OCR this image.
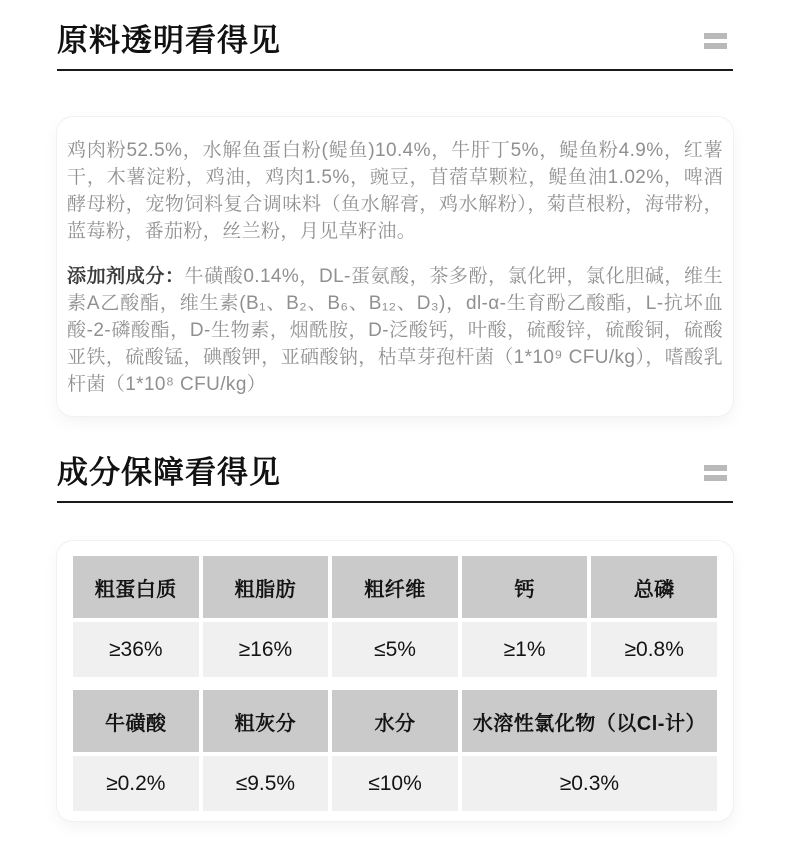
原料透明看得见

鸡肉粉52.5%，水解鱼蛋白粉(鳀鱼)10.4%，牛肝丁5%，鳀鱼粉4.9%，红薯干，木薯淀粉，鸡油，鸡肉1.5%，豌豆，苜蓿草颗粒，鳀鱼油1.02%，啤酒酵母粉，宠物饲料复合调味料（鱼水解膏，鸡水解粉），菊苣根粉，海带粉，蓝莓粉，番茄粉，丝兰粉，月见草籽油。

添加剂成分：牛磺酸0.14%，DL-蛋氨酸，茶多酚，氯化钾，氯化胆碱，维生素A乙酸酯，维生素(B₁、B₂、B₆、B₁₂、D₃)，dl-α-生育酚乙酸酯，L-抗坏血酸-2-磷酸酯，D-生物素，烟酰胺，D-泛酸钙，叶酸，硫酸锌，硫酸铜，硫酸亚铁，硫酸锰，碘酸钾，亚硒酸钠，枯草芽孢杆菌（1*10⁹ CFU/kg），嗜酸乳杆菌（1*10⁸ CFU/kg）

成分保障看得见
粗蛋白质	粗脂肪	粗纤维	钙	总磷
≥36%	≥16%	≤5%	≥1%	≥0.8%
牛磺酸	粗灰分	水分	水溶性氯化物（以Cl-计）
≥0.2%	≤9.5%	≤10%	≥0.3%
